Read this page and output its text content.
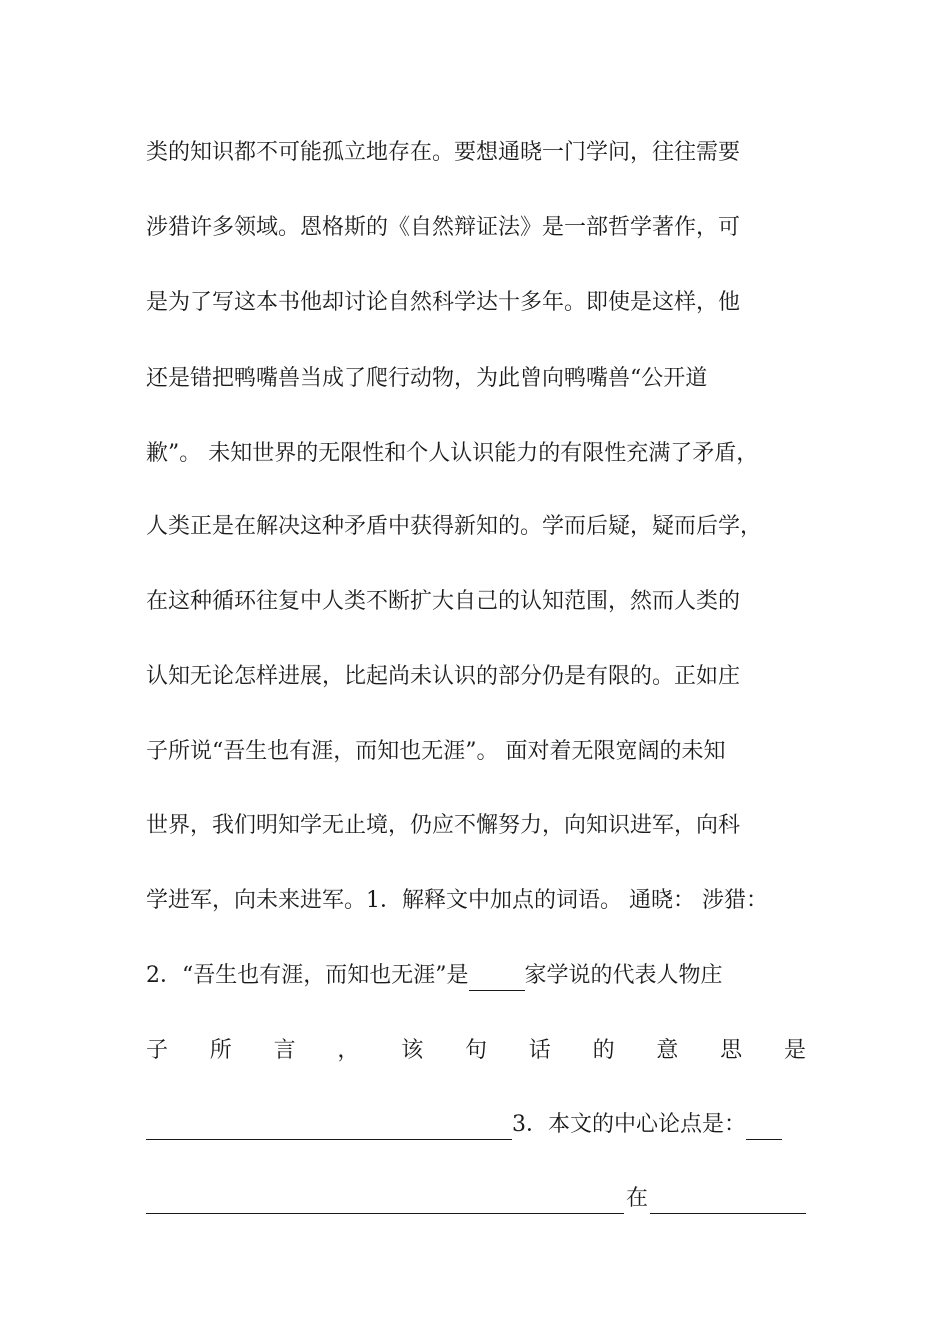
类的知识都不可能孤立地存在。要想通晓一门学问，往往需要
涉猎许多领域。恩格斯的《自然辩证法》是一部哲学著作，可
是为了写这本书他却讨论自然科学达十多年。即使是这样，他
还是错把鸭嘴兽当成了爬行动物，为此曾向鸭嘴兽“公开道
歉”。 未知世界的无限性和个人认识能力的有限性充满了矛盾，
人类正是在解决这种矛盾中获得新知的。学而后疑，疑而后学，
在这种循环往复中人类不断扩大自己的认知范围，然而人类的
认知无论怎样进展，比起尚未认识的部分仍是有限的。正如庄
子所说“吾生也有涯，而知也无涯”。 面对着无限宽阔的未知
世界，我们明知学无止境，仍应不懈努力，向知识进军，向科
学进军，向未来进军。1．解释文中加点的词语。 通晓： 涉猎：
2．“吾生也有涯，而知也无涯”是	家学说的代表人物庄
子 所 言 ， 该 句 话 的 意 思 是
3．本文的中心论点是：
在
